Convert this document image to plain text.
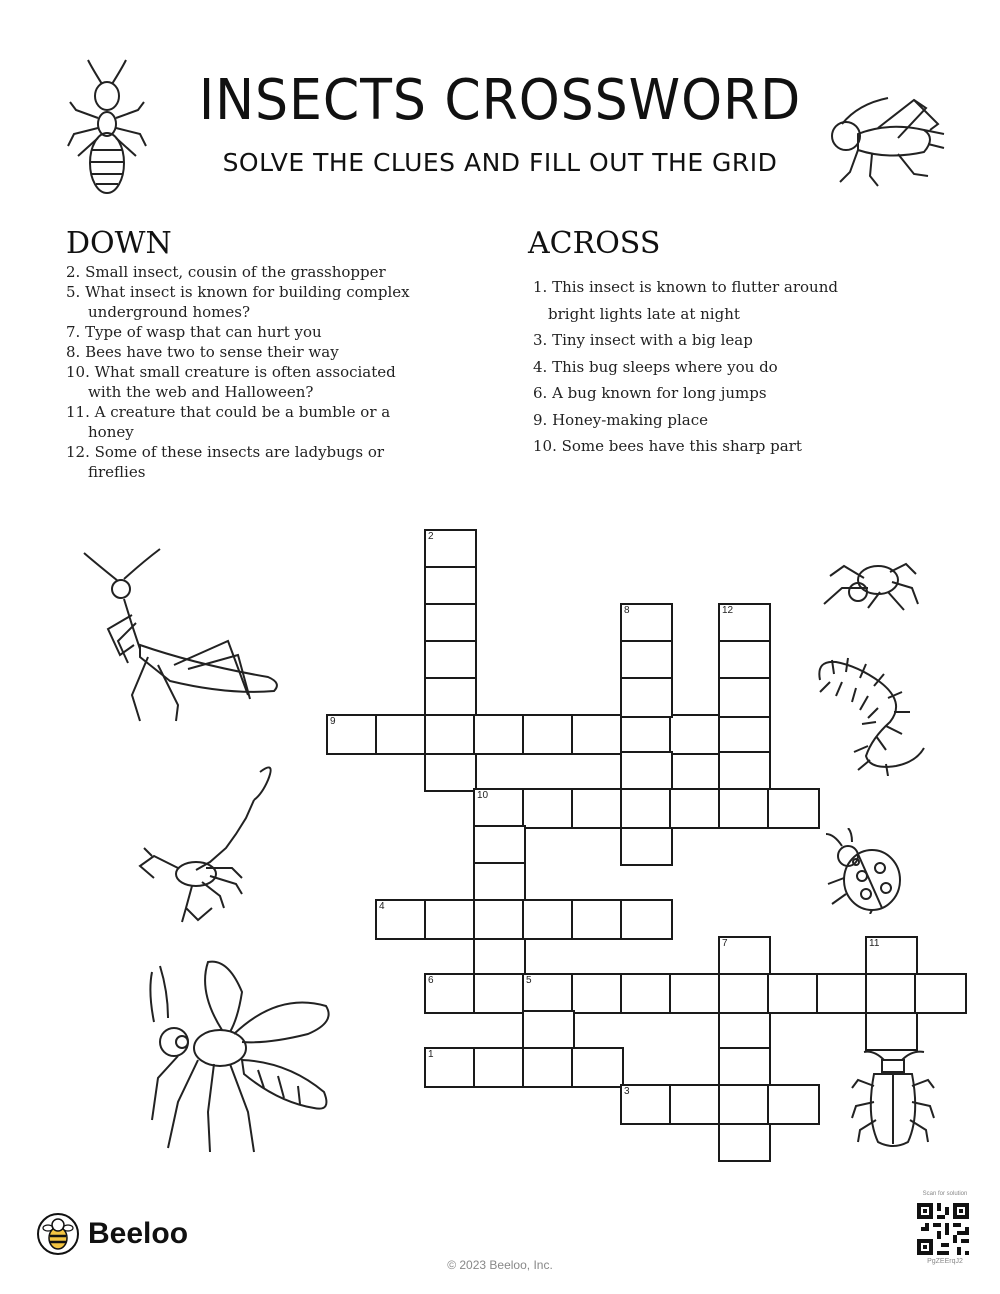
INSECTS CROSSWORD
SOLVE THE CLUES AND FILL OUT THE GRID
DOWN
2. Small insect, cousin of the grasshopper
5. What insect is known for building complex underground homes?
7. Type of wasp that can hurt you
8. Bees have two to sense their way
10. What small creature is often associated with the web and Halloween?
11. A creature that could be a bumble or a honey
12. Some of these insects are ladybugs or fireflies
ACROSS
1. This insect is known to flutter around bright lights late at night
3. Tiny insect with a big leap
4. This bug sleeps where you do
6. A bug known for long jumps
9. Honey-making place
10. Some bees have this sharp part
2
9
8	12
10
4
7	11
6	5
1
3
Beeloo
© 2023 Beeloo, Inc.
Scan for solution
PgZEErqJ2
